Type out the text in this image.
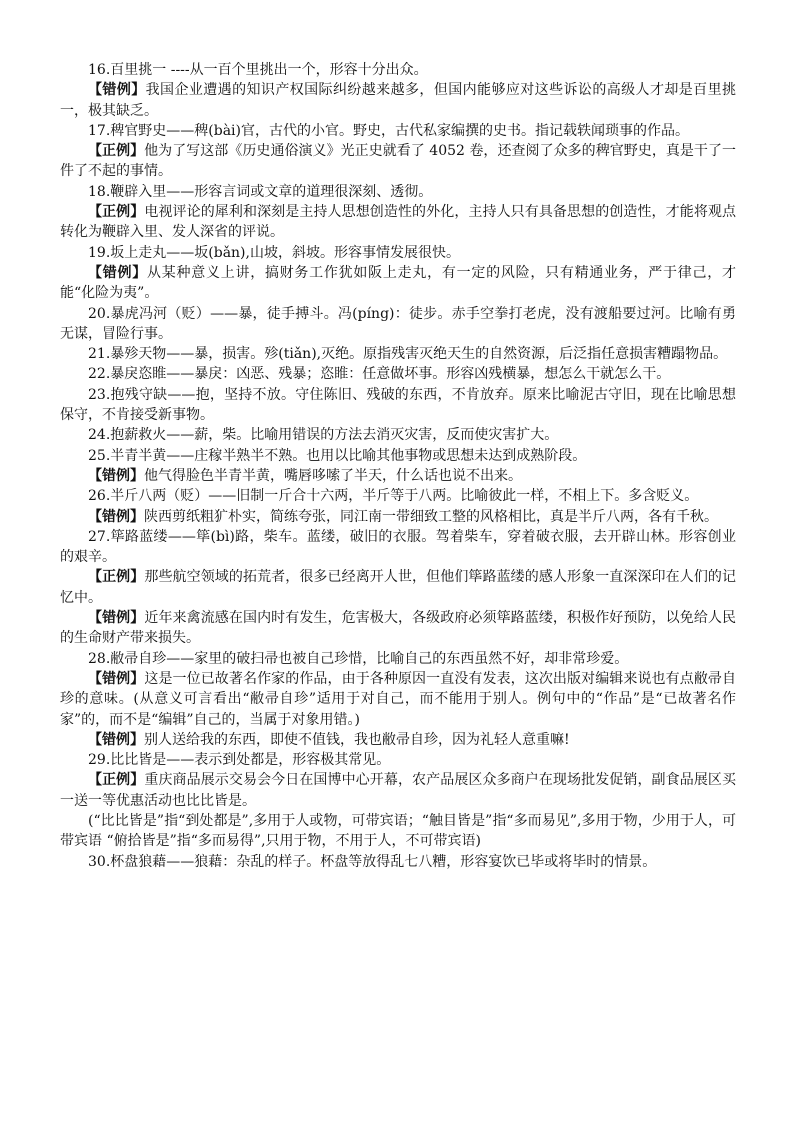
16.百里挑一 ----从一百个里挑出一个，形容十分出众。

【错例】我国企业遭遇的知识产权国际纠纷越来越多，但国内能够应对这些诉讼的高级人才却是百里挑一，极其缺乏。

17.稗官野史——稗(bài)官，古代的小官。野史，古代私家编撰的史书。指记载轶闻琐事的作品。

【正例】他为了写这部《历史通俗演义》光正史就看了 4052 卷，还查阅了众多的稗官野史，真是干了一件了不起的事情。

18.鞭辟入里——形容言词或文章的道理很深刻、透彻。

【正例】电视评论的犀利和深刻是主持人思想创造性的外化，主持人只有具备思想的创造性，才能将观点转化为鞭辟入里、发人深省的评说。

19.坂上走丸——坂(bǎn),山坡，斜坡。形容事情发展很快。

【错例】从某种意义上讲，搞财务工作犹如阪上走丸，有一定的风险，只有精通业务，严于律己，才能“化险为夷”。

20.暴虎冯河（贬）——暴，徒手搏斗。冯(píng)：徒步。赤手空拳打老虎，没有渡船要过河。比喻有勇无谋，冒险行事。

21.暴殄天物——暴，损害。殄(tiǎn),灭绝。原指残害灭绝天生的自然资源，后泛指任意损害糟蹋物品。

22.暴戾恣睢——暴戾：凶恶、残暴；恣睢：任意做坏事。形容凶残横暴，想怎么干就怎么干。

23.抱残守缺——抱，坚持不放。守住陈旧、残破的东西，不肯放弃。原来比喻泥古守旧，现在比喻思想保守，不肯接受新事物。

24.抱薪救火——薪，柴。比喻用错误的方法去消灭灾害，反而使灾害扩大。

25.半青半黄——庄稼半熟半不熟。也用以比喻其他事物或思想未达到成熟阶段。

【错例】他气得脸色半青半黄，嘴唇哆嗦了半天，什么话也说不出来。

26.半斤八两（贬）——旧制一斤合十六两，半斤等于八两。比喻彼此一样，不相上下。多含贬义。

【错例】陕西剪纸粗犷朴实，简练夸张，同江南一带细致工整的风格相比，真是半斤八两，各有千秋。

27.筚路蓝缕——筚(bì)路，柴车。蓝缕，破旧的衣服。驾着柴车，穿着破衣服，去开辟山林。形容创业的艰辛。

【正例】那些航空领域的拓荒者，很多已经离开人世，但他们筚路蓝缕的感人形象一直深深印在人们的记忆中。

【错例】近年来禽流感在国内时有发生，危害极大，各级政府必须筚路蓝缕，积极作好预防，以免给人民的生命财产带来损失。

28.敝帚自珍——家里的破扫帚也被自己珍惜，比喻自己的东西虽然不好，却非常珍爱。

【错例】这是一位已故著名作家的作品，由于各种原因一直没有发表，这次出版对编辑来说也有点敝帚自珍的意味。(从意义可言看出“敝帚自珍”适用于对自己，而不能用于别人。例句中的“作品”是“已故著名作家”的，而不是“编辑”自己的，当属于对象用错。)

【错例】别人送给我的东西，即使不值钱，我也敝帚自珍，因为礼轻人意重嘛!

29.比比皆是——表示到处都是，形容极其常见。

【正例】重庆商品展示交易会今日在国博中心开幕，农产品展区众多商户在现场批发促销，副食品展区买一送一等优惠活动也比比皆是。

(“比比皆是”指“到处都是”,多用于人或物，可带宾语；“触目皆是”指“多而易见”,多用于物，少用于人，可带宾语 “俯拾皆是”指“多而易得”,只用于物，不用于人，不可带宾语)

30.杯盘狼藉——狼藉：杂乱的样子。杯盘等放得乱七八糟，形容宴饮已毕或将毕时的情景。
